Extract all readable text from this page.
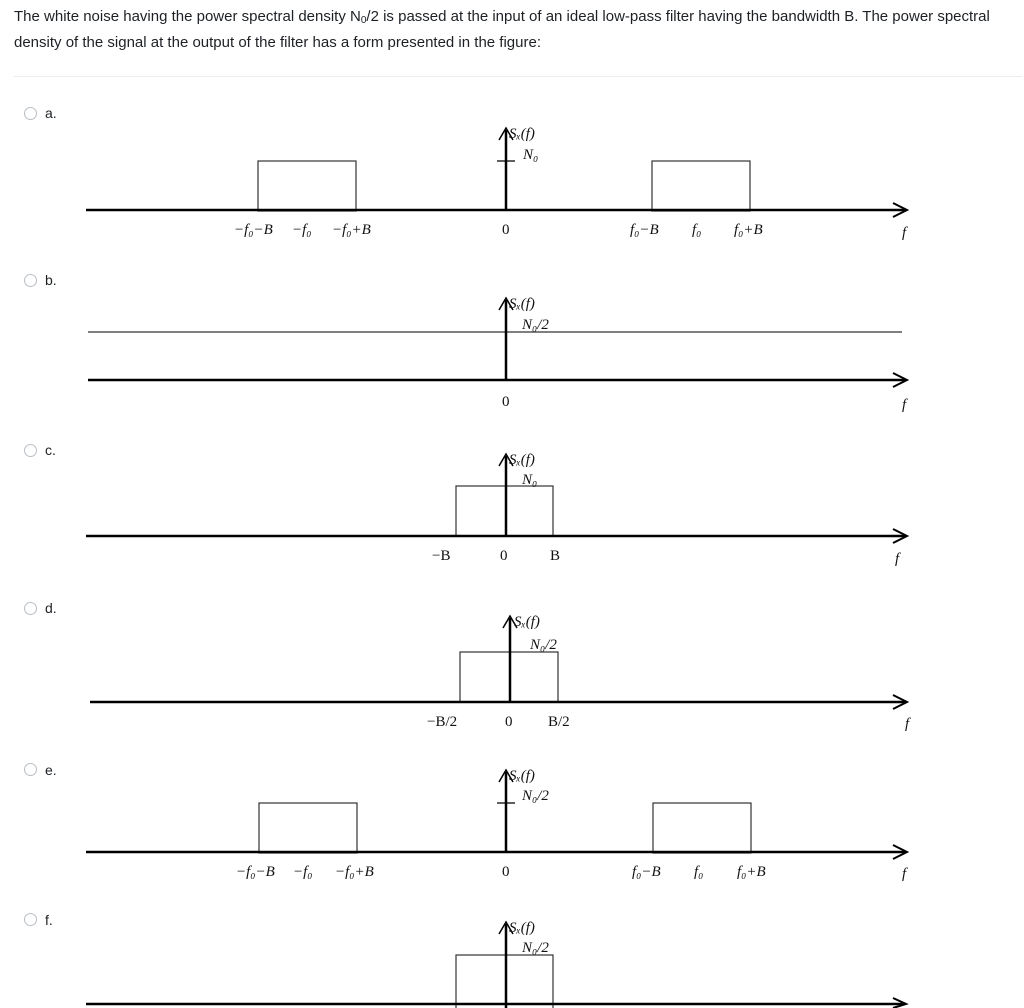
The white noise having the power spectral density $N_0/2$ is passed at the input of an ideal low-pass filter having the bandwidth B. The power spectral density of the signal at the output of the filter has a form presented in the figure:

a.
Sₓ(f)
N₀
−f₀−B −f₀ −f₀+B	0	f₀−B f₀ f₀+B	f
b.
Sₓ(f)
N₀/2
0	f
c.
Sₓ(f)
N₀
−B	0	B	f
d.
Sₓ(f)
N₀/2
−B/2	0 B/2	f
e.	Sₓ(f)
N₀/2
−f₀−B −f₀ −f₀+B	0	f₀−B f₀ f₀+B	f
f.	Sₓ(f)
N₀/2
